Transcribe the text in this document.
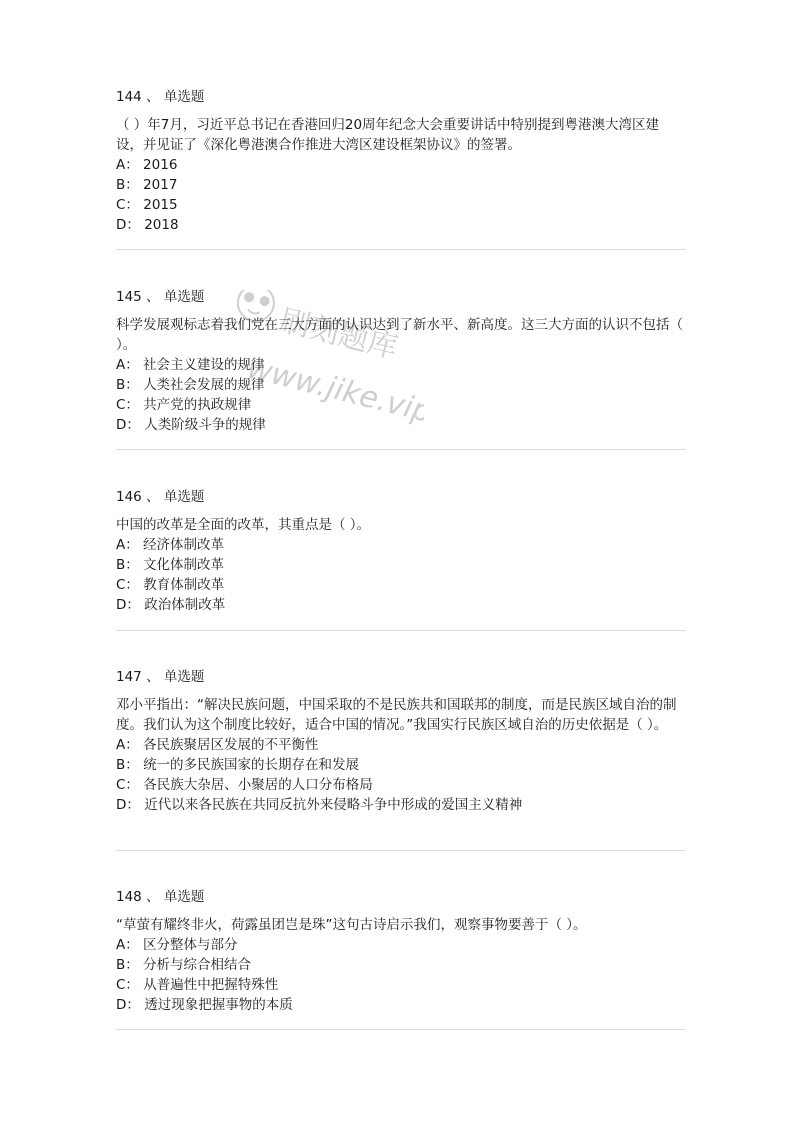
144 、 单选题

（ ）年7月，习近平总书记在香港回归20周年纪念大会重要讲话中特别提到粤港澳大湾区建设，并见证了《深化粤港澳合作推进大湾区建设框架协议》的签署。

A： 2016
B： 2017
C： 2015
D： 2018
145 、 单选题

科学发展观标志着我们党在三大方面的认识达到了新水平、新高度。这三大方面的认识不包括（ ）。

A： 社会主义建设的规律
B： 人类社会发展的规律
C： 共产党的执政规律
D： 人类阶级斗争的规律
146 、 单选题

中国的改革是全面的改革，其重点是（ ）。

A： 经济体制改革
B： 文化体制改革
C： 教育体制改革
D： 政治体制改革
147 、 单选题

邓小平指出：“解决民族问题，中国采取的不是民族共和国联邦的制度，而是民族区域自治的制度。我们认为这个制度比较好，适合中国的情况。”我国实行民族区域自治的历史依据是（ ）。

A： 各民族聚居区发展的不平衡性
B： 统一的多民族国家的长期存在和发展
C： 各民族大杂居、小聚居的人口分布格局
D： 近代以来各民族在共同反抗外来侵略斗争中形成的爱国主义精神
148 、 单选题

“草萤有耀终非火，荷露虽团岂是珠”这句古诗启示我们，观察事物要善于（ ）。

A： 区分整体与部分
B： 分析与综合相结合
C： 从普遍性中把握特殊性
D： 透过现象把握事物的本质
刷刻题库
www.jike.vip
